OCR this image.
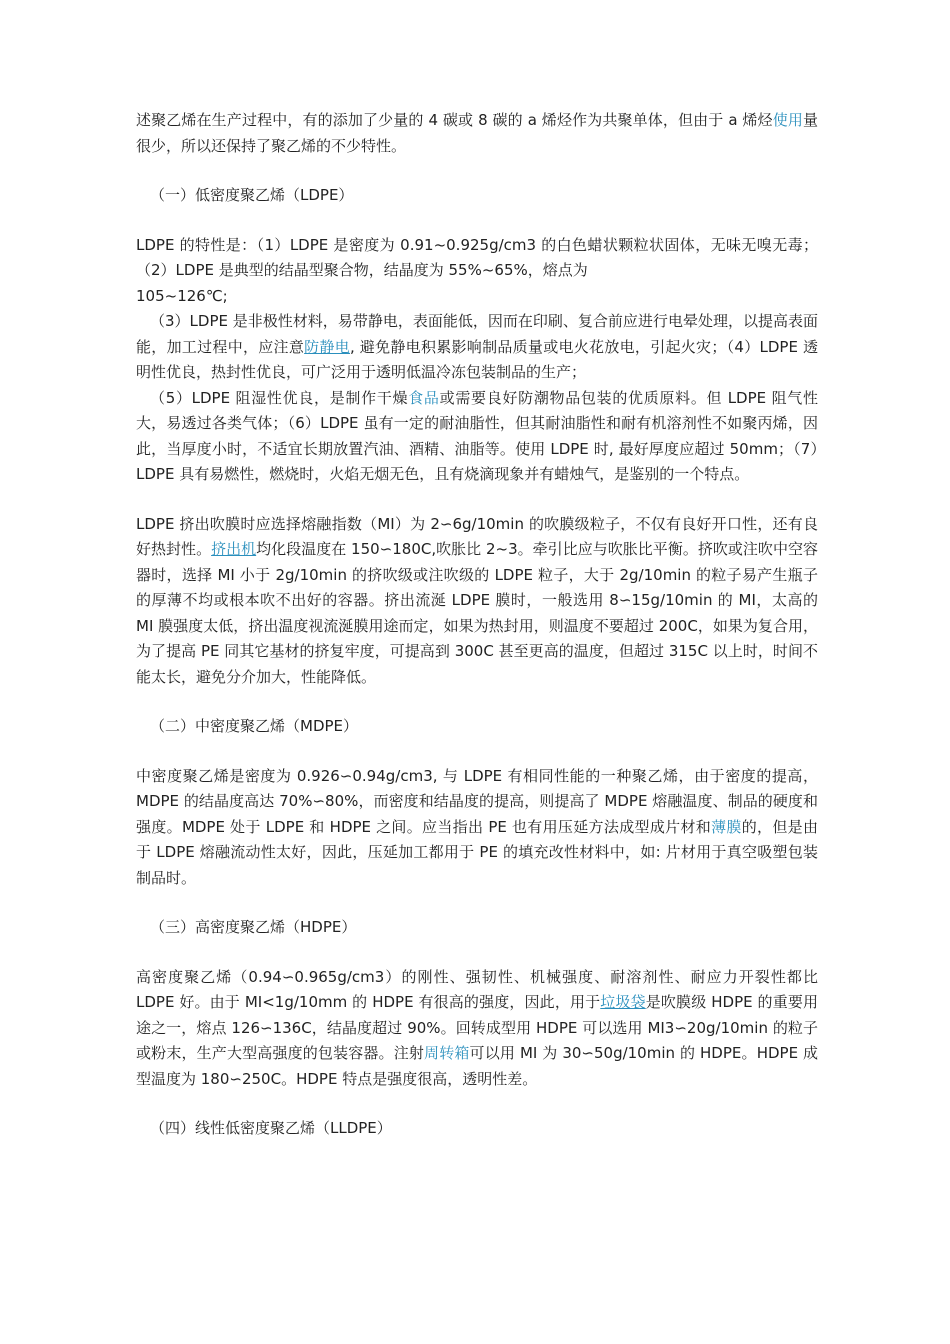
述聚乙烯在生产过程中，有的添加了少量的 4 碳或 8 碳的 a 烯烃作为共聚单体，但由于 a 烯烃使用量很少，所以还保持了聚乙烯的不少特性。

（一）低密度聚乙烯（LDPE）

LDPE 的特性是：（1）LDPE 是密度为 0.91~0.925g/cm3 的白色蜡状颗粒状固体，无味无嗅无毒；（2）LDPE 是典型的结晶型聚合物，结晶度为 55%~65%，熔点为
105~126℃;

（3）LDPE 是非极性材料，易带静电，表面能低，因而在印刷、复合前应进行电晕处理，以提高表面能，加工过程中，应注意防静电, 避免静电积累影响制品质量或电火花放电，引起火灾；（4）LDPE 透明性优良，热封性优良，可广泛用于透明低温冷冻包装制品的生产；

（5）LDPE 阻湿性优良，是制作干燥食品或需要良好防潮物品包装的优质原料。但 LDPE 阻气性大，易透过各类气体；（6）LDPE 虽有一定的耐油脂性，但其耐油脂性和耐有机溶剂性不如聚丙烯，因此，当厚度小时，不适宜长期放置汽油、酒精、油脂等。使用 LDPE 时, 最好厚度应超过 50mm；（7）LDPE 具有易燃性，燃烧时，火焰无烟无色，且有烧滴现象并有蜡烛气，是鉴别的一个特点。

LDPE 挤出吹膜时应选择熔融指数（MI）为 2∽6g/10min 的吹膜级粒子，不仅有良好开口性，还有良好热封性。挤出机均化段温度在 150∽180C,吹胀比 2~3。牵引比应与吹胀比平衡。挤吹或注吹中空容器时，选择 MI 小于 2g/10min 的挤吹级或注吹级的 LDPE 粒子，大于 2g/10min 的粒子易产生瓶子的厚薄不均或根本吹不出好的容器。挤出流涎 LDPE 膜时，一般选用 8∽15g/10min 的 MI，太高的 MI 膜强度太低，挤出温度视流涎膜用途而定，如果为热封用，则温度不要超过 200C，如果为复合用，为了提高 PE 同其它基材的挤复牢度，可提高到 300C 甚至更高的温度，但超过 315C 以上时，时间不能太长，避免分介加大，性能降低。

（二）中密度聚乙烯（MDPE）

中密度聚乙烯是密度为 0.926∽0.94g/cm3, 与 LDPE 有相同性能的一种聚乙烯，由于密度的提高，MDPE 的结晶度高达 70%∽80%，而密度和结晶度的提高，则提高了 MDPE 熔融温度、制品的硬度和强度。MDPE 处于 LDPE 和 HDPE 之间。应当指出 PE 也有用压延方法成型成片材和薄膜的，但是由于 LDPE 熔融流动性太好，因此，压延加工都用于 PE 的填充改性材料中，如: 片材用于真空吸塑包装制品时。

（三）高密度聚乙烯（HDPE）

高密度聚乙烯（0.94∽0.965g/cm3）的刚性、强韧性、机械强度、耐溶剂性、耐应力开裂性都比 LDPE 好。由于 MI<1g/10mm 的 HDPE 有很高的强度，因此，用于垃圾袋是吹膜级 HDPE 的重要用途之一，熔点 126∽136C，结晶度超过 90%。回转成型用 HDPE 可以选用 MI3∽20g/10min 的粒子或粉末，生产大型高强度的包装容器。注射周转箱可以用 MI 为 30∽50g/10min 的 HDPE。HDPE 成型温度为 180∽250C。HDPE 特点是强度很高，透明性差。

（四）线性低密度聚乙烯（LLDPE）
